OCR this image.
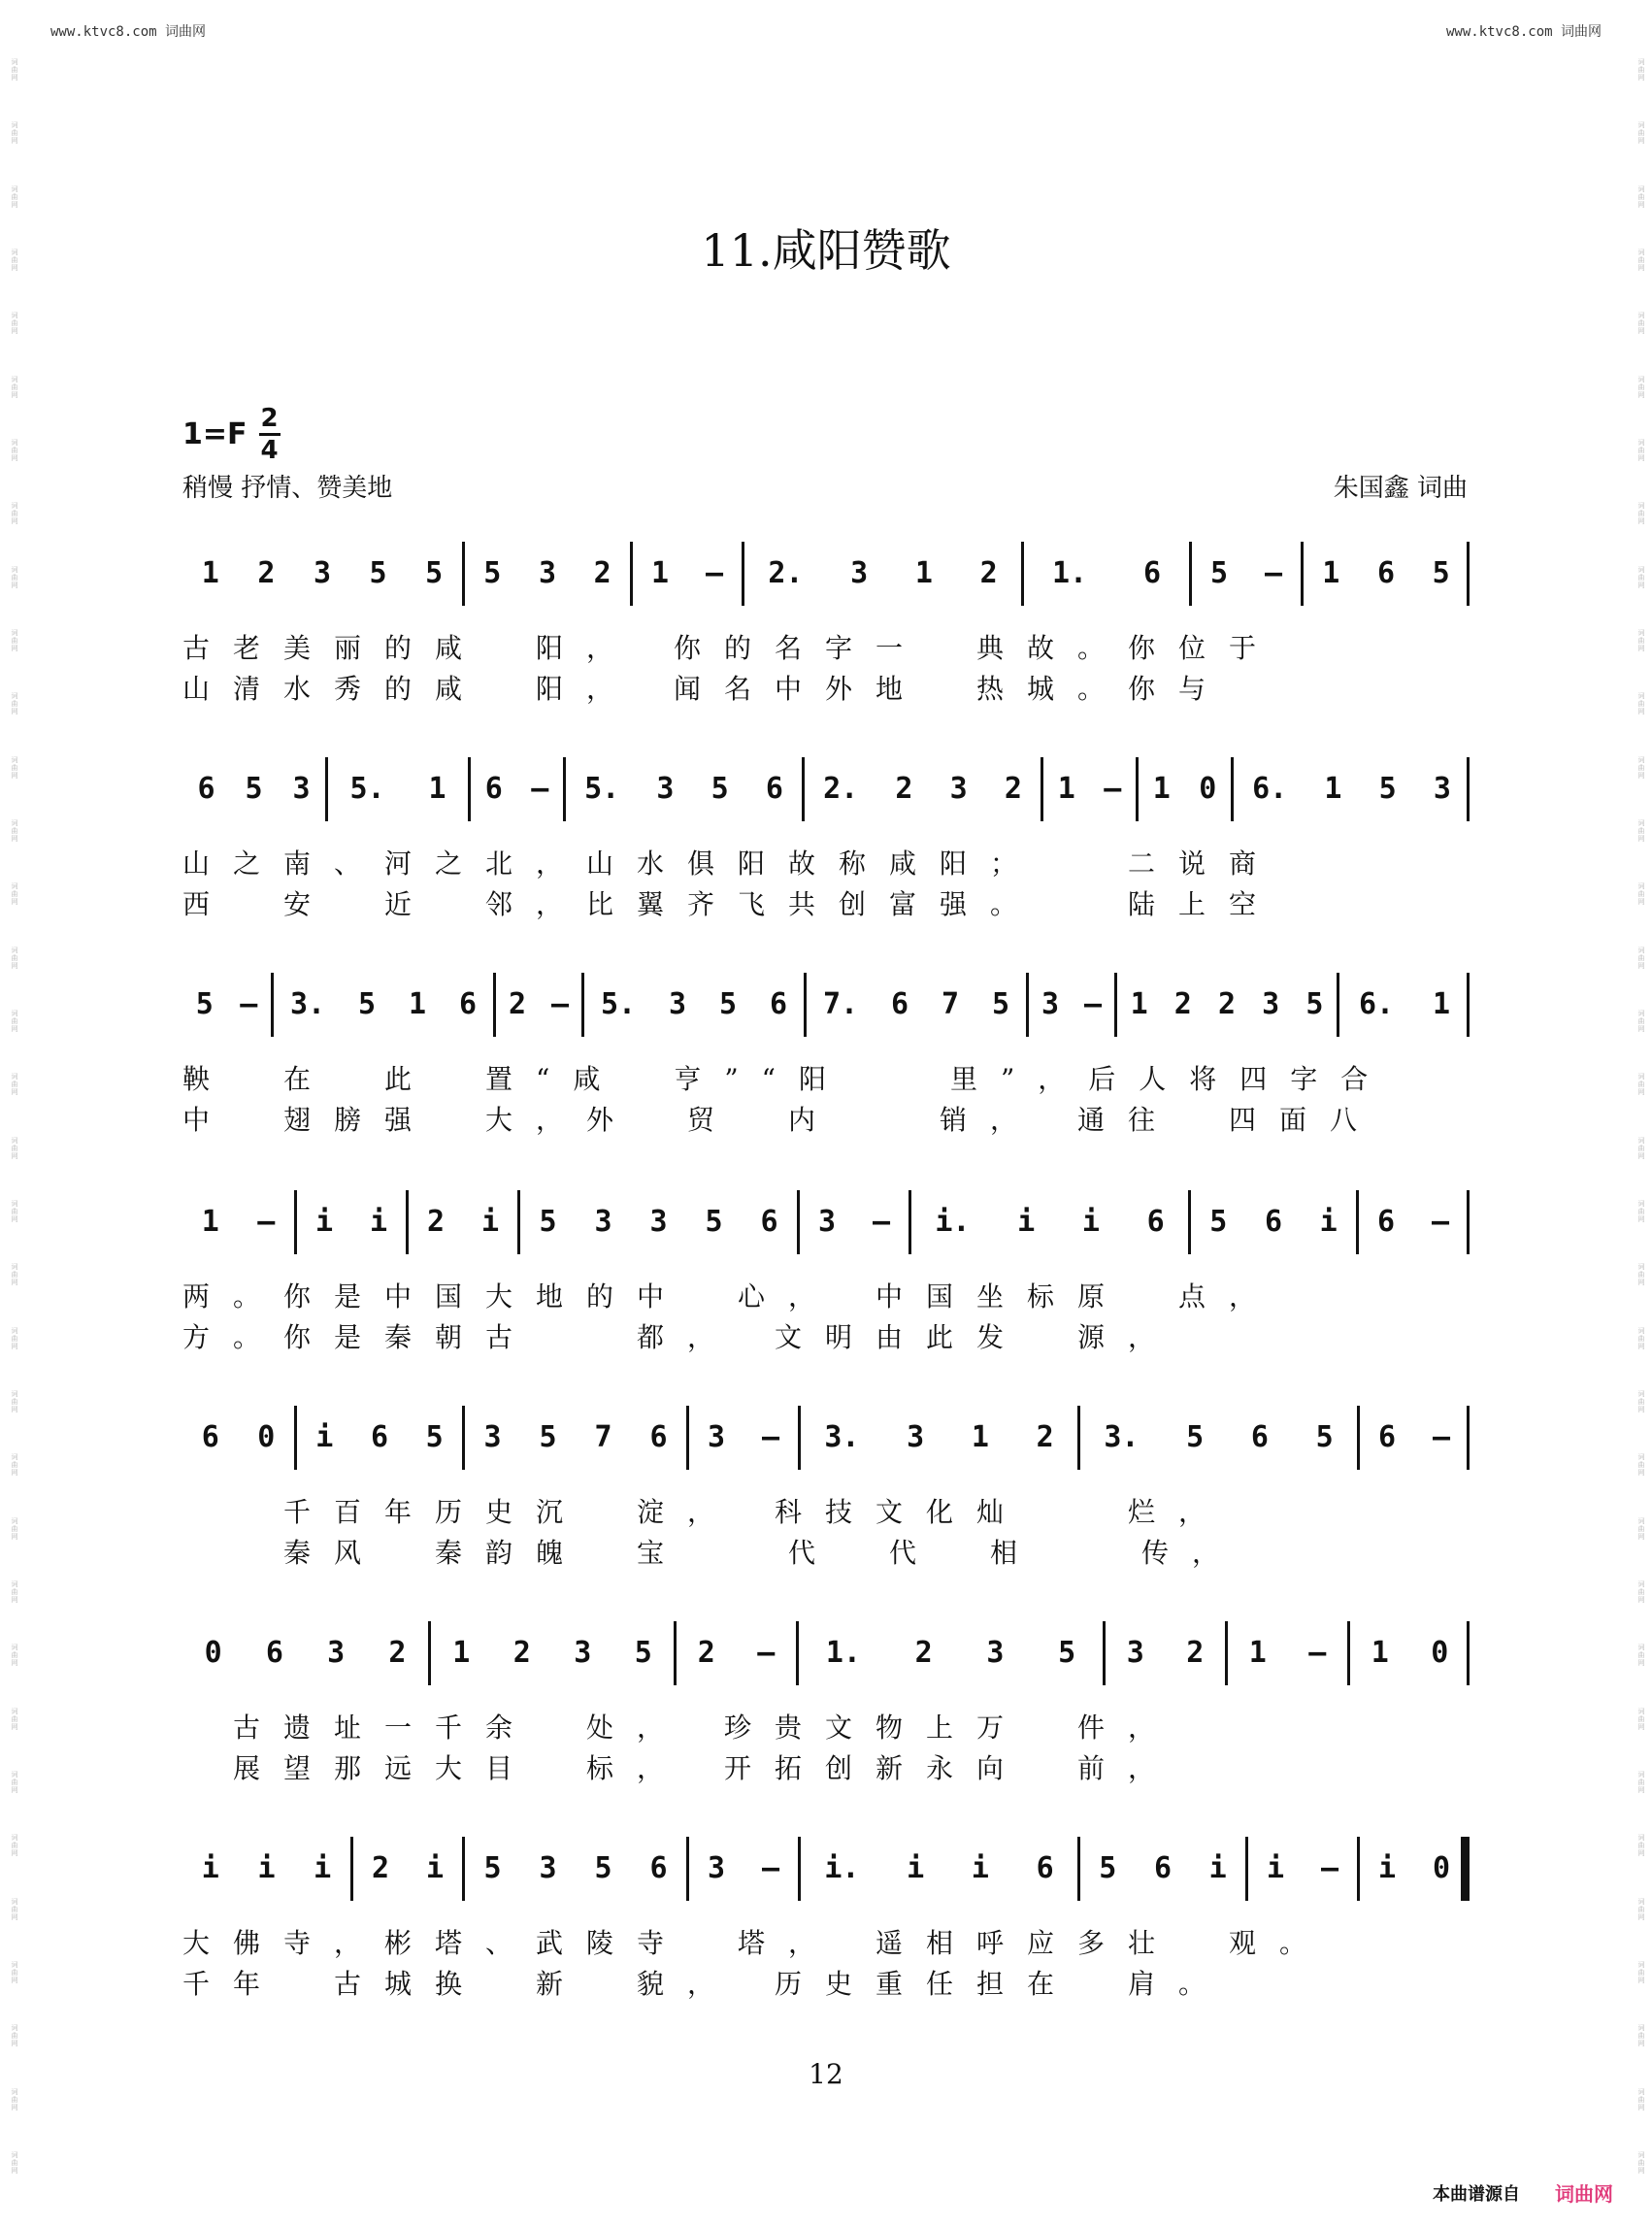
www.ktvc8.com 词曲网	www.ktvc8.com 词曲网
词曲网
词曲网
词曲网
词曲网
词曲网
词曲网
词曲网
词曲网
词曲网
词曲网
词曲网
词曲网
词曲网
词曲网
词曲网
词曲网
词曲网
词曲网
词曲网
词曲网
词曲网
词曲网
词曲网
词曲网
词曲网
词曲网
词曲网
词曲网
词曲网
词曲网
词曲网
词曲网
词曲网
词曲网
词曲网
词曲网
词曲网
词曲网
词曲网
词曲网
词曲网
词曲网
词曲网
词曲网
词曲网
词曲网
词曲网
词曲网
词曲网
词曲网
词曲网
词曲网
词曲网
词曲网
词曲网
词曲网
词曲网
词曲网
词曲网
词曲网
词曲网
词曲网
词曲网
词曲网
词曲网
词曲网
词曲网
词曲网
11.咸阳赞歌
1=F 2
4
稍慢 抒情、赞美地	朱国鑫 词曲
1 2 3 5 5 5 3 2 1 – 2. 3 1 2 1. 6 5 – 1 6 5
古老美丽的咸　阳，　你的名字一　典故。你位于
山清水秀的咸　阳，　闻名中外地　热城。你与
6 5 3 5. 1 6 – 5. 3 5 6 2. 2 3 2 1 – 1 0 6. 1 5 3
山之南、河之北，山水俱阳故称咸阳；　　二说商
西　安　近　邻，比翼齐飞共创富强。　　陆上空
5 – 3. 5 1 6 2 – 5. 3 5 6 7. 6 7 5 3 – 1 2 2 3 5 6. 1
鞅　在　此　置“咸　亨”“阳　　里”，后人将四字合
中　翅膀强　大，外　贸　内　　销，　通往　四面八
1 – i i 2 i 5 3 3 5 6 3 – i. i i 6 5 6 i 6 –
两。你是中国大地的中　心，　中国坐标原　点，
方。你是秦朝古　　都，　文明由此发　源，
6 0 i 6 5 3 5 7 6 3 – 3. 3 1 2 3. 5 6 5 6 –
　　千百年历史沉　淀，　科技文化灿　　烂，
　　秦风　秦韵魄　宝　　代　代　相　　传，
0 6 3 2 1 2 3 5 2 – 1. 2 3 5 3 2 1 – 1 0
　古遗址一千余　处，　珍贵文物上万　件，
　展望那远大目　标，　开拓创新永向　前，
i i i 2 i 5 3 5 6 3 – i. i i 6 5 6 i i – i 0
大佛寺，彬塔、武陵寺　塔，　遥相呼应多壮　观。
千年　古城换　新　貌，　历史重任担在　肩。
12
本曲谱源自 词曲网
